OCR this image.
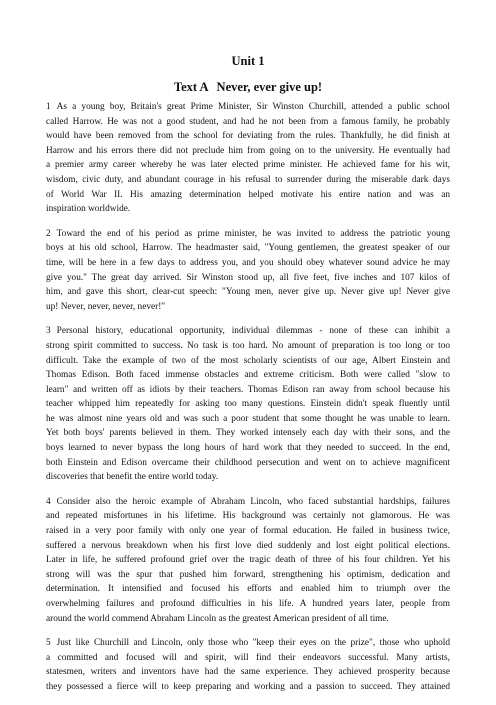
Unit 1
Text A Never, ever give up!
1 As a young boy, Britain's great Prime Minister, Sir Winston Churchill, attended a public school
called Harrow. He was not a good student, and had he not been from a famous family, he probably
would have been removed from the school for deviating from the rules. Thankfully, he did finish at
Harrow and his errors there did not preclude him from going on to the university. He eventually had
a premier army career whereby he was later elected prime minister. He achieved fame for his wit,
wisdom, civic duty, and abundant courage in his refusal to surrender during the miserable dark days
of World War II. His amazing determination helped motivate his entire nation and was an
inspiration worldwide.
2 Toward the end of his period as prime minister, he was invited to address the patriotic young
boys at his old school, Harrow. The headmaster said, "Young gentlemen, the greatest speaker of our
time, will be here in a few days to address you, and you should obey whatever sound advice he may
give you." The great day arrived. Sir Winston stood up, all five feet, five inches and 107 kilos of
him, and gave this short, clear-cut speech: "Young men, never give up. Never give up! Never give
up! Never, never, never, never!"
3 Personal history, educational opportunity, individual dilemmas - none of these can inhibit a
strong spirit committed to success. No task is too hard. No amount of preparation is too long or too
difficult. Take the example of two of the most scholarly scientists of our age, Albert Einstein and
Thomas Edison. Both faced immense obstacles and extreme criticism. Both were called "slow to
learn" and written off as idiots by their teachers. Thomas Edison ran away from school because his
teacher whipped him repeatedly for asking too many questions. Einstein didn't speak fluently until
he was almost nine years old and was such a poor student that some thought he was unable to learn.
Yet both boys' parents believed in them. They worked intensely each day with their sons, and the
boys learned to never bypass the long hours of hard work that they needed to succeed. In the end,
both Einstein and Edison overcame their childhood persecution and went on to achieve magnificent
discoveries that benefit the entire world today.
4 Consider also the heroic example of Abraham Lincoln, who faced substantial hardships, failures
and repeated misfortunes in his lifetime. His background was certainly not glamorous. He was
raised in a very poor family with only one year of formal education. He failed in business twice,
suffered a nervous breakdown when his first love died suddenly and lost eight political elections.
Later in life, he suffered profound grief over the tragic death of three of his four children. Yet his
strong will was the spur that pushed him forward, strengthening his optimism, dedication and
determination. It intensified and focused his efforts and enabled him to triumph over the
overwhelming failures and profound difficulties in his life. A hundred years later, people from
around the world commend Abraham Lincoln as the greatest American president of all time.
5 Just like Churchill and Lincoln, only those who "keep their eyes on the prize", those who uphold
a committed and focused will and spirit, will find their endeavors successful. Many artists,
statesmen, writers and inventors have had the same experience. They achieved prosperity because
they possessed a fierce will to keep preparing and working and a passion to succeed. They attained
